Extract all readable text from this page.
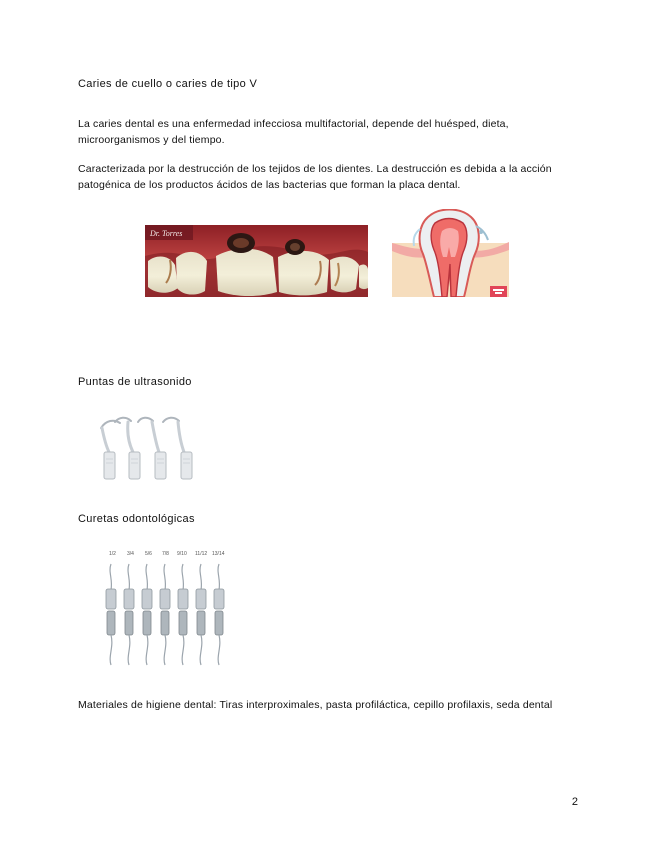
Caries de cuello o caries de tipo V
La caries dental es una enfermedad infecciosa multifactorial, depende del huésped, dieta, microorganismos y del tiempo.
Caracterizada por la destrucción de los tejidos de los dientes. La destrucción es debida a la acción patogénica de los productos ácidos de las bacterias que forman la placa dental.
Dr. Torres
Puntas de ultrasonido
Curetas odontológicas
1/2 3/4 5/6 7/8 9/10 11/12 13/14
Materiales de higiene dental: Tiras interproximales, pasta profiláctica, cepillo profilaxis, seda dental
2
